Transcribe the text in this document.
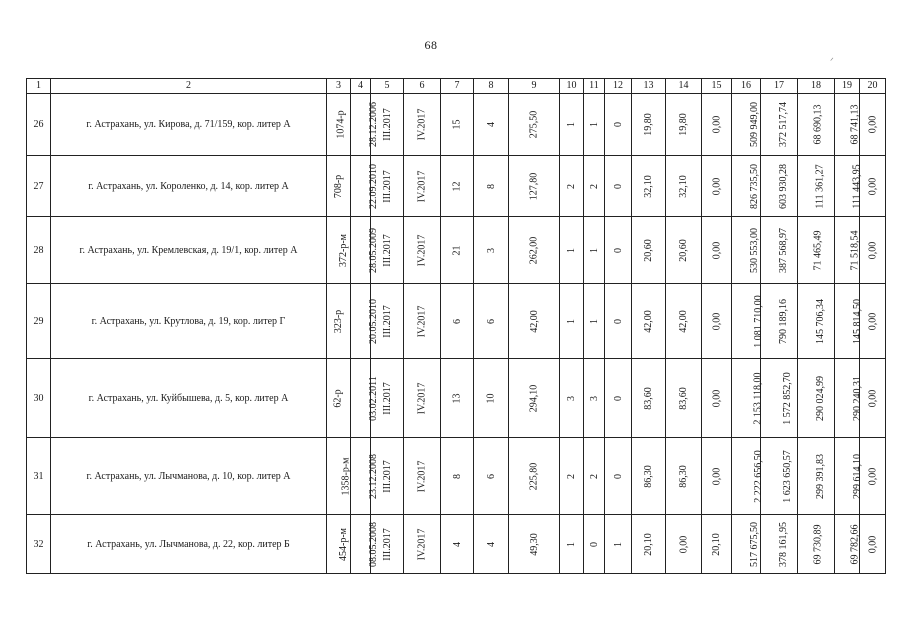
68
ᐟ
1	2	3	4	5	6	7	8	9	10	11	12	13	14	15	16	17	18	19	20
26	г. Астрахань, ул. Кирова, д. 71/159, кор. литер А	1074-р	28.12.2006	III.2017	IV.2017	15	4	275,50	1	1	0	19,80	19,80	0,00	509 949,00	372 517,74	68 690,13	68 741,13	0,00
27	г. Астрахань, ул. Короленко, д. 14, кор. литер А	708-р	22.09.2010	III.2017	IV.2017	12	8	127,80	2	2	0	32,10	32,10	0,00	826 735,50	603 930,28	111 361,27	111 443,95	0,00
28	г. Астрахань, ул. Кремлевская, д. 19/1, кор. литер А	372-р-м	28.05.2009	III.2017	IV.2017	21	3	262,00	1	1	0	20,60	20,60	0,00	530 553,00	387 568,97	71 465,49	71 518,54	0,00
29	г. Астрахань, ул. Крутлова, д. 19, кор. литер Г	323-р	20.05.2010	III.2017	IV.2017	6	6	42,00	1	1	0	42,00	42,00	0,00	1 081 710,00	790 189,16	145 706,34	145 814,50	0,00
30	г. Астрахань, ул. Куйбышева, д. 5, кор. литер А	62-р	03.02.2011	III.2017	IV.2017	13	10	294,10	3	3	0	83,60	83,60	0,00	2 153 118,00	1 572 852,70	290 024,99	290 240,31	0,00
31	г. Астрахань, ул. Лычманова, д. 10, кор. литер А	1358-р-м	23.12.2008	III.2017	IV.2017	8	6	225,80	2	2	0	86,30	86,30	0,00	2 222 656,50	1 623 650,57	299 391,83	299 614,10	0,00
32	г. Астрахань, ул. Лычманова, д. 22, кор. литер Б	454-р-м	08.05.2008	III.2017	IV.2017	4	4	49,30	1	0	1	20,10	0,00	20,10	517 675,50	378 161,95	69 730,89	69 782,66	0,00
